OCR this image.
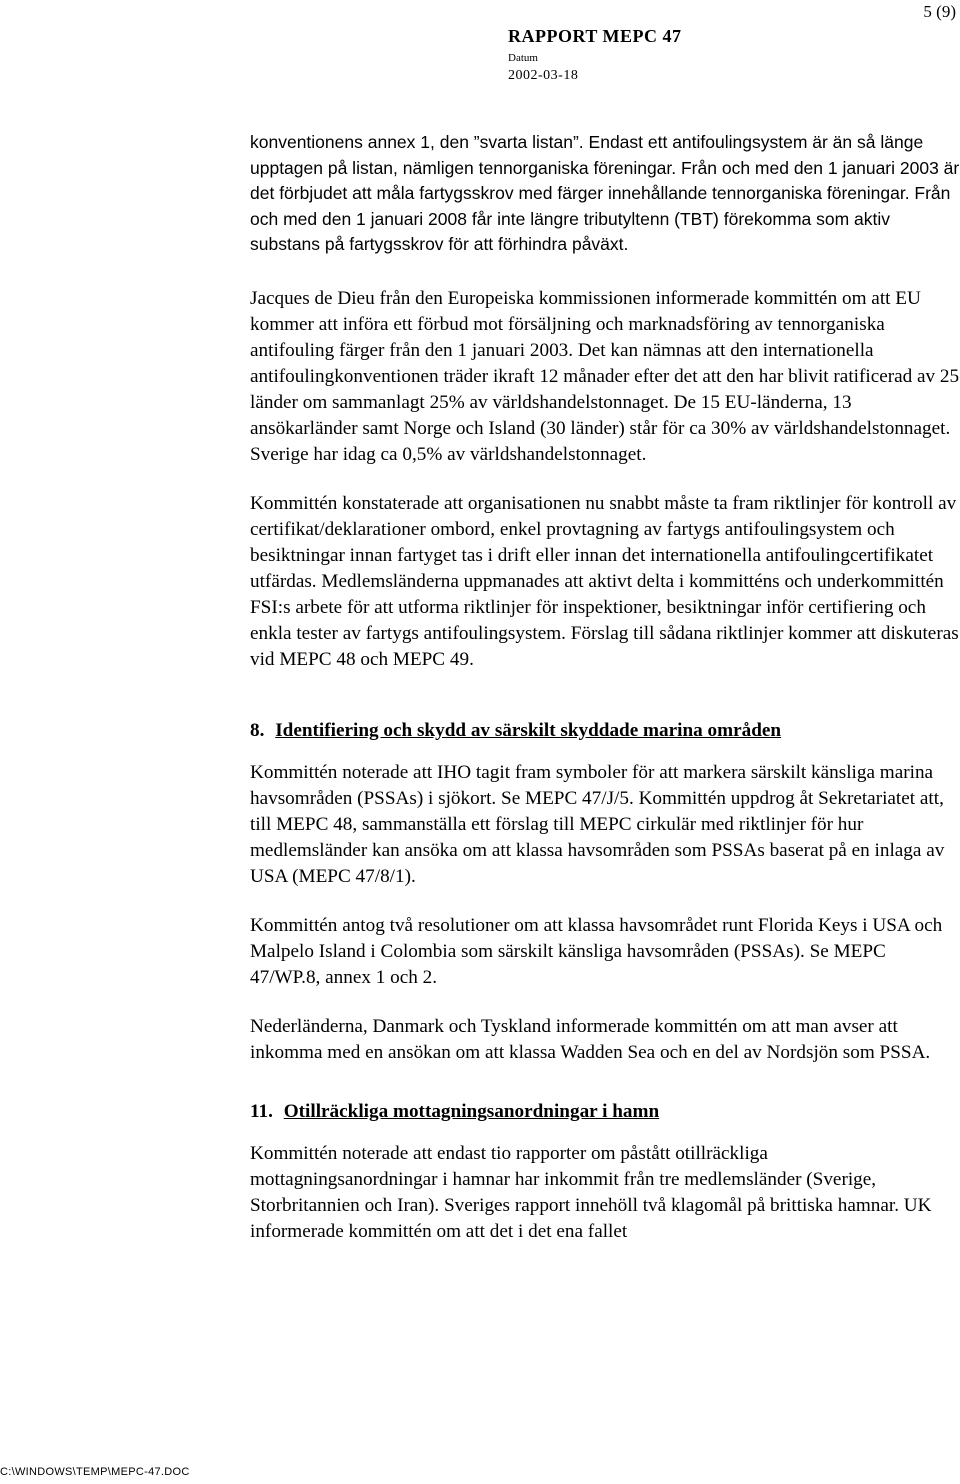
5 (9)
RAPPORT MEPC 47
Datum
2002-03-18

konventionens annex 1, den ”svarta listan”. Endast ett antifoulingsystem är än så länge upptagen på listan, nämligen tennorganiska föreningar. Från och med den 1 januari 2003 är det förbjudet att måla fartygsskrov med färger innehållande tennorganiska föreningar. Från och med den 1 januari 2008 får inte längre tributyltenn (TBT) förekomma som aktiv substans på fartygsskrov för att förhindra påväxt.

Jacques de Dieu från den Europeiska kommissionen informerade kommittén om att EU kommer att införa ett förbud mot försäljning och marknadsföring av tennorganiska antifouling färger från den 1 januari 2003. Det kan nämnas att den internationella antifoulingkonventionen träder ikraft 12 månader efter det att den har blivit ratificerad av 25 länder om sammanlagt 25% av världshandelstonnaget. De 15 EU-länderna, 13 ansökarländer samt Norge och Island (30 länder) står för ca 30% av världshandelstonnaget. Sverige har idag ca 0,5% av världshandelstonnaget.

Kommittén konstaterade att organisationen nu snabbt måste ta fram riktlinjer för kontroll av certifikat/deklarationer ombord, enkel provtagning av fartygs antifoulingsystem och besiktningar innan fartyget tas i drift eller innan det internationella antifoulingcertifikatet utfärdas. Medlemsländerna uppmanades att aktivt delta i kommitténs och underkommittén FSI:s arbete för att utforma riktlinjer för inspektioner, besiktningar inför certifiering och enkla tester av fartygs antifoulingsystem. Förslag till sådana riktlinjer kommer att diskuteras vid MEPC 48 och MEPC 49.

8. Identifiering och skydd av särskilt skyddade marina områden

Kommittén noterade att IHO tagit fram symboler för att markera särskilt känsliga marina havsområden (PSSAs) i sjökort. Se MEPC 47/J/5. Kommittén uppdrog åt Sekretariatet att, till MEPC 48, sammanställa ett förslag till MEPC cirkulär med riktlinjer för hur medlemsländer kan ansöka om att klassa havsområden som PSSAs baserat på en inlaga av USA (MEPC 47/8/1).

Kommittén antog två resolutioner om att klassa havsområdet runt Florida Keys i USA och Malpelo Island i Colombia som särskilt känsliga havsområden (PSSAs). Se MEPC 47/WP.8, annex 1 och 2.

Nederländerna, Danmark och Tyskland informerade kommittén om att man avser att inkomma med en ansökan om att klassa Wadden Sea och en del av Nordsjön som PSSA.

11. Otillräckliga mottagningsanordningar i hamn

Kommittén noterade att endast tio rapporter om påstått otillräckliga mottagningsanordningar i hamnar har inkommit från tre medlemsländer (Sverige, Storbritannien och Iran). Sveriges rapport innehöll två klagomål på brittiska hamnar. UK informerade kommittén om att det i det ena fallet

C:\WINDOWS\TEMP\MEPC-47.DOC
